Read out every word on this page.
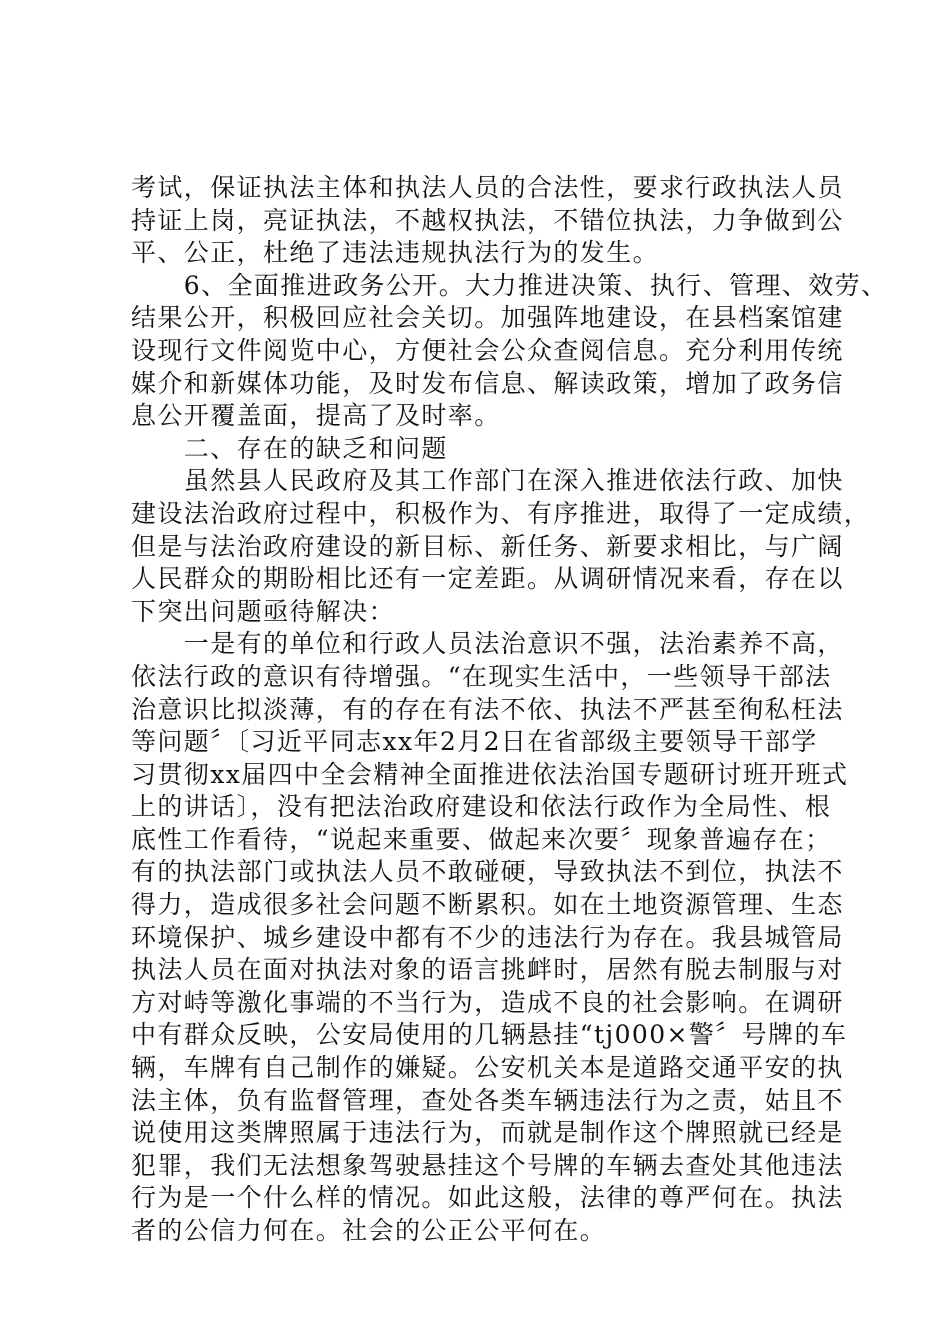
考试，保证执法主体和执法人员的合法性，要求行政执法人员
持证上岗，亮证执法，不越权执法，不错位执法，力争做到公
平、公正，杜绝了违法违规执法行为的发生。
　　6、全面推进政务公开。大力推进决策、执行、管理、效劳、
结果公开，积极回应社会关切。加强阵地建设，在县档案馆建
设现行文件阅览中心，方便社会公众查阅信息。充分利用传统
媒介和新媒体功能，及时发布信息、解读政策，增加了政务信
息公开覆盖面，提高了及时率。
　　二、存在的缺乏和问题
　　虽然县人民政府及其工作部门在深入推进依法行政、加快
建设法治政府过程中，积极作为、有序推进，取得了一定成绩，
但是与法治政府建设的新目标、新任务、新要求相比，与广阔
人民群众的期盼相比还有一定差距。从调研情况来看，存在以
下突出问题亟待解决：
　　一是有的单位和行政人员法治意识不强，法治素养不高，
依法行政的意识有待增强。“在现实生活中，一些领导干部法
治意识比拟淡薄，有的存在有法不依、执法不严甚至徇私枉法
等问题〞〔习近平同志xx年2月2日在省部级主要领导干部学
习贯彻xx届四中全会精神全面推进依法治国专题研讨班开班式
上的讲话〕，没有把法治政府建设和依法行政作为全局性、根
底性工作看待，“说起来重要、做起来次要〞现象普遍存在；
有的执法部门或执法人员不敢碰硬，导致执法不到位，执法不
得力，造成很多社会问题不断累积。如在土地资源管理、生态
环境保护、城乡建设中都有不少的违法行为存在。我县城管局
执法人员在面对执法对象的语言挑衅时，居然有脱去制服与对
方对峙等激化事端的不当行为，造成不良的社会影响。在调研
中有群众反映，公安局使用的几辆悬挂“tj000×警〞号牌的车
辆，车牌有自己制作的嫌疑。公安机关本是道路交通平安的执
法主体，负有监督管理，查处各类车辆违法行为之责，姑且不
说使用这类牌照属于违法行为，而就是制作这个牌照就已经是
犯罪，我们无法想象驾驶悬挂这个号牌的车辆去查处其他违法
行为是一个什么样的情况。如此这般，法律的尊严何在。执法
者的公信力何在。社会的公正公平何在。
